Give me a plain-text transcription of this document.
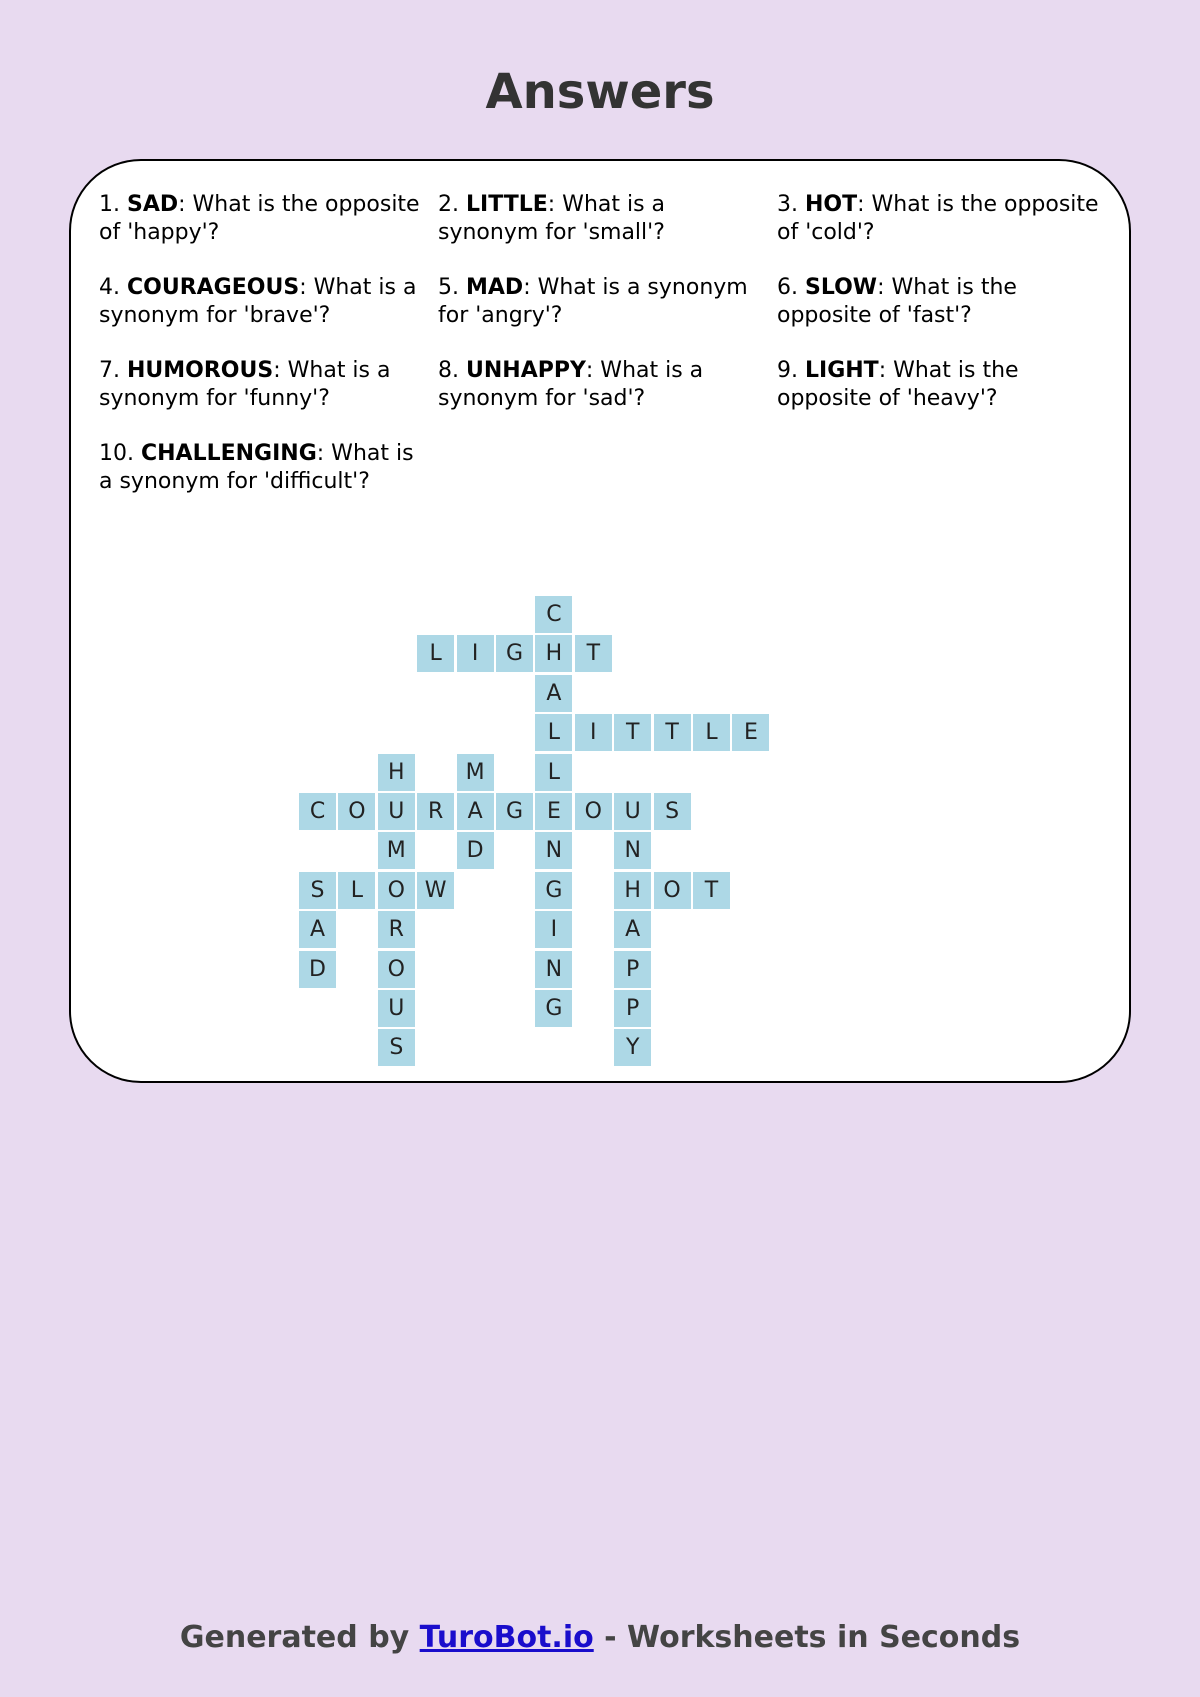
Answers
1. SAD: What is the opposite of 'happy'?
2. LITTLE: What is a synonym for 'small'?
3. HOT: What is the opposite of 'cold'?
4. COURAGEOUS: What is a synonym for 'brave'?
5. MAD: What is a synonym for 'angry'?
6. SLOW: What is the opposite of 'fast'?
7. HUMOROUS: What is a synonym for 'funny'?
8. UNHAPPY: What is a synonym for 'sad'?
9. LIGHT: What is the opposite of 'heavy'?
10. CHALLENGING: What is a synonym for 'difficult'?
C
H
A
L
L
E
N
G
I
N
G
L	I	G	T
I	T	T	L	E
H
U
M
O
R
O
U
S
M
A
D
C	O	R	G	O	U	S
N
H
A
P
P
Y
S	L	W	O	T
A
D
Generated by TuroBot.io - Worksheets in Seconds
